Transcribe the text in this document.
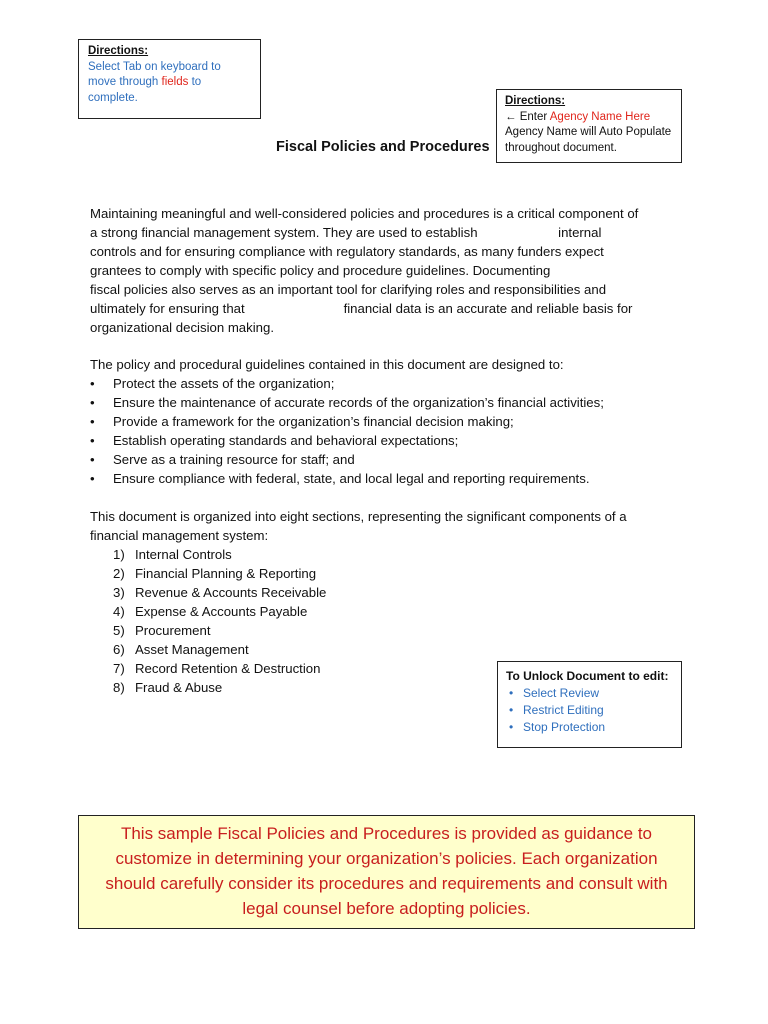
Directions:
Select Tab on keyboard to
move through fields to
complete.	Directions:
← Enter Agency Name Here
Agency Name will Auto Populate
throughout document.
Fiscal Policies and Procedures
Maintaining meaningful and well-considered policies and procedures is a critical component of
a strong financial management system. They are used to establish                      internal
controls and for ensuring compliance with regulatory standards, as many funders expect
grantees to comply with specific policy and procedure guidelines. Documenting
fiscal policies also serves as an important tool for clarifying roles and responsibilities and
ultimately for ensuring that                           financial data is an accurate and reliable basis for
organizational decision making.
The policy and procedural guidelines contained in this document are designed to:
• Protect the assets of the organization;
• Ensure the maintenance of accurate records of the organization’s financial activities;
• Provide a framework for the organization’s financial decision making;
• Establish operating standards and behavioral expectations;
• Serve as a training resource for staff; and
• Ensure compliance with federal, state, and local legal and reporting requirements.
This document is organized into eight sections, representing the significant components of a
financial management system:
1) Internal Controls
2) Financial Planning & Reporting
3) Revenue & Accounts Receivable
4) Expense & Accounts Payable
5) Procurement
6) Asset Management
7) Record Retention & Destruction
8) Fraud & Abuse
To Unlock Document to edit:
• Select Review
• Restrict Editing
• Stop Protection
This sample Fiscal Policies and Procedures is provided as guidance to
customize in determining your organization’s policies. Each organization
should carefully consider its procedures and requirements and consult with
legal counsel before adopting policies.
